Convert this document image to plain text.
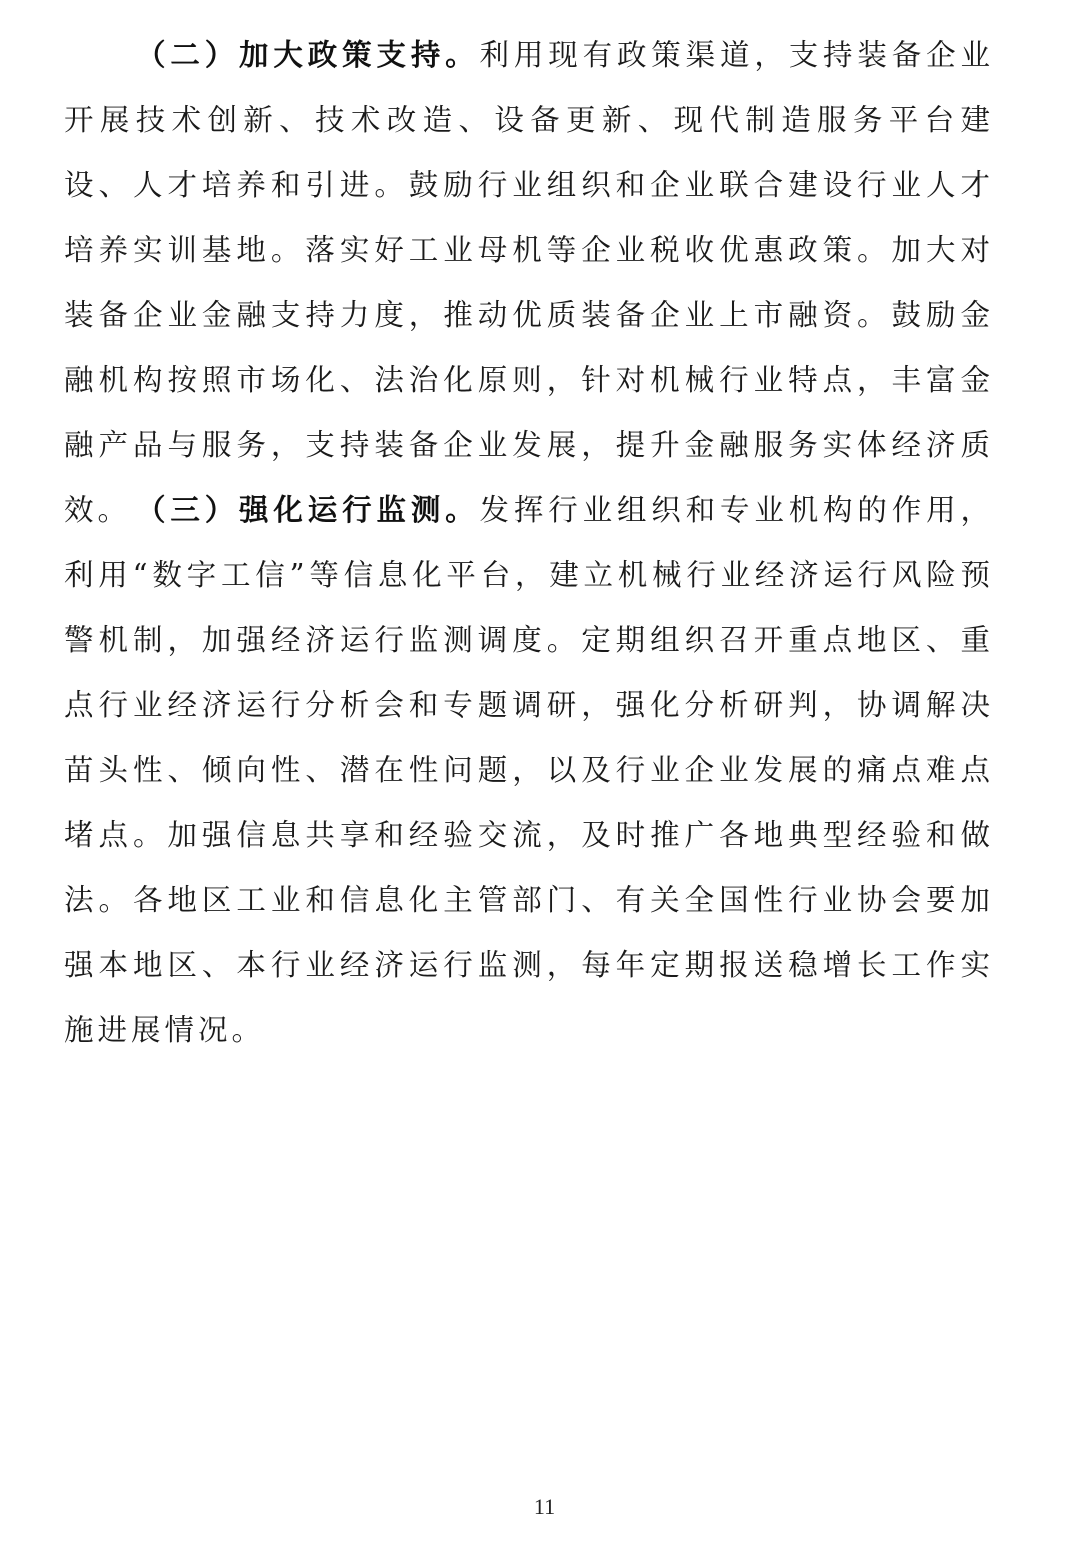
（二）加大政策支持。利用现有政策渠道，支持装备企业开展技术创新、技术改造、设备更新、现代制造服务平台建设、人才培养和引进。鼓励行业组织和企业联合建设行业人才培养实训基地。落实好工业母机等企业税收优惠政策。加大对装备企业金融支持力度，推动优质装备企业上市融资。鼓励金融机构按照市场化、法治化原则，针对机械行业特点，丰富金融产品与服务，支持装备企业发展，提升金融服务实体经济质效。 （三）强化运行监测。发挥行业组织和专业机构的作用，利用“数字工信”等信息化平台，建立机械行业经济运行风险预警机制，加强经济运行监测调度。定期组织召开重点地区、重点行业经济运行分析会和专题调研，强化分析研判，协调解决苗头性、倾向性、潜在性问题，以及行业企业发展的痛点难点堵点。加强信息共享和经验交流，及时推广各地典型经验和做法。各地区工业和信息化主管部门、有关全国性行业协会要加强本地区、本行业经济运行监测，每年定期报送稳增长工作实施进展情况。

11
